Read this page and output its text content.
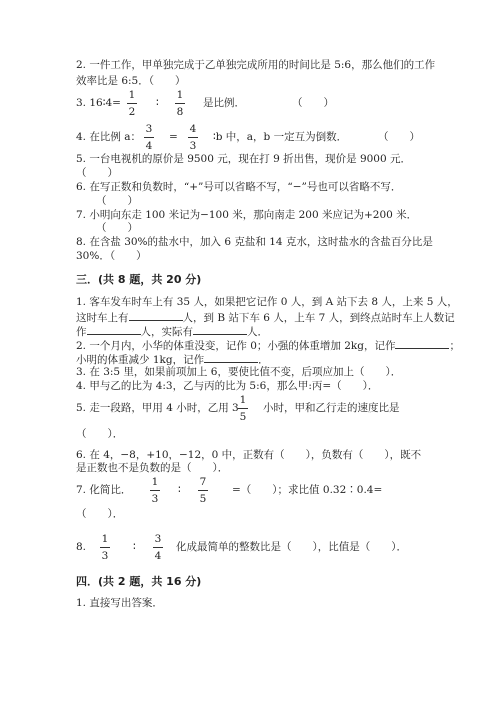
2. 一件工作，甲单独完成于乙单独完成所用的时间比是 5:6，那么他们的工作
效率比是 6:5．（　　）
3. 16∶4=
1
2
∶
1
8
是比例．	（　　）
4. 在比例 a：
3
4
=
4
3
∶b 中，a，b 一定互为倒数．	（　　）
5. 一台电视机的原价是 9500 元，现在打 9 折出售，现价是 9000 元．
（　　）
6. 在写正数和负数时，“+”号可以省略不写，“−”号也可以省略不写．
（　　）
7. 小明向东走 100 米记为−100 米，那向南走 200 米应记为+200 米．
（　　）
8. 在含盐 30%的盐水中，加入 6 克盐和 14 克水，这时盐水的含盐百分比是
30%．（　　）
三．(共 8 题，共 20 分)
1. 客车发车时车上有 35 人，如果把它记作 0 人，到 A 站下去 8 人，上来 5 人，
这时车上有	人，到 B 站下车 6 人，上车 7 人，到终点站时车上人数记
作	人，实际有	人．
2. 一个月内，小华的体重没变，记作 0；小强的体重增加 2kg，记作	；
小明的体重减少 1kg，记作	．
3. 在 3:5 里，如果前项加上 6，要使比值不变，后项应加上（　　）．
4. 甲与乙的比为 4:3，乙与丙的比为 5:6，那么甲:丙=（　　）．
5. 走一段路，甲用 4 小时，乙用 3
1
5
小时，甲和乙行走的速度比是
（　　）．
6. 在 4，−8，+10，−12，0 中，正数有（　　），负数有（　　），既不
是正数也不是负数的是（　　）．
7. 化简比．
1
3
∶
7
5
=（　　）；求比值 0.32∶0.4=
（　　）．
8.
1
3
∶
3
4
化成最简单的整数比是（　　），比值是（　　）．
四．(共 2 题，共 16 分)
1. 直接写出答案．
